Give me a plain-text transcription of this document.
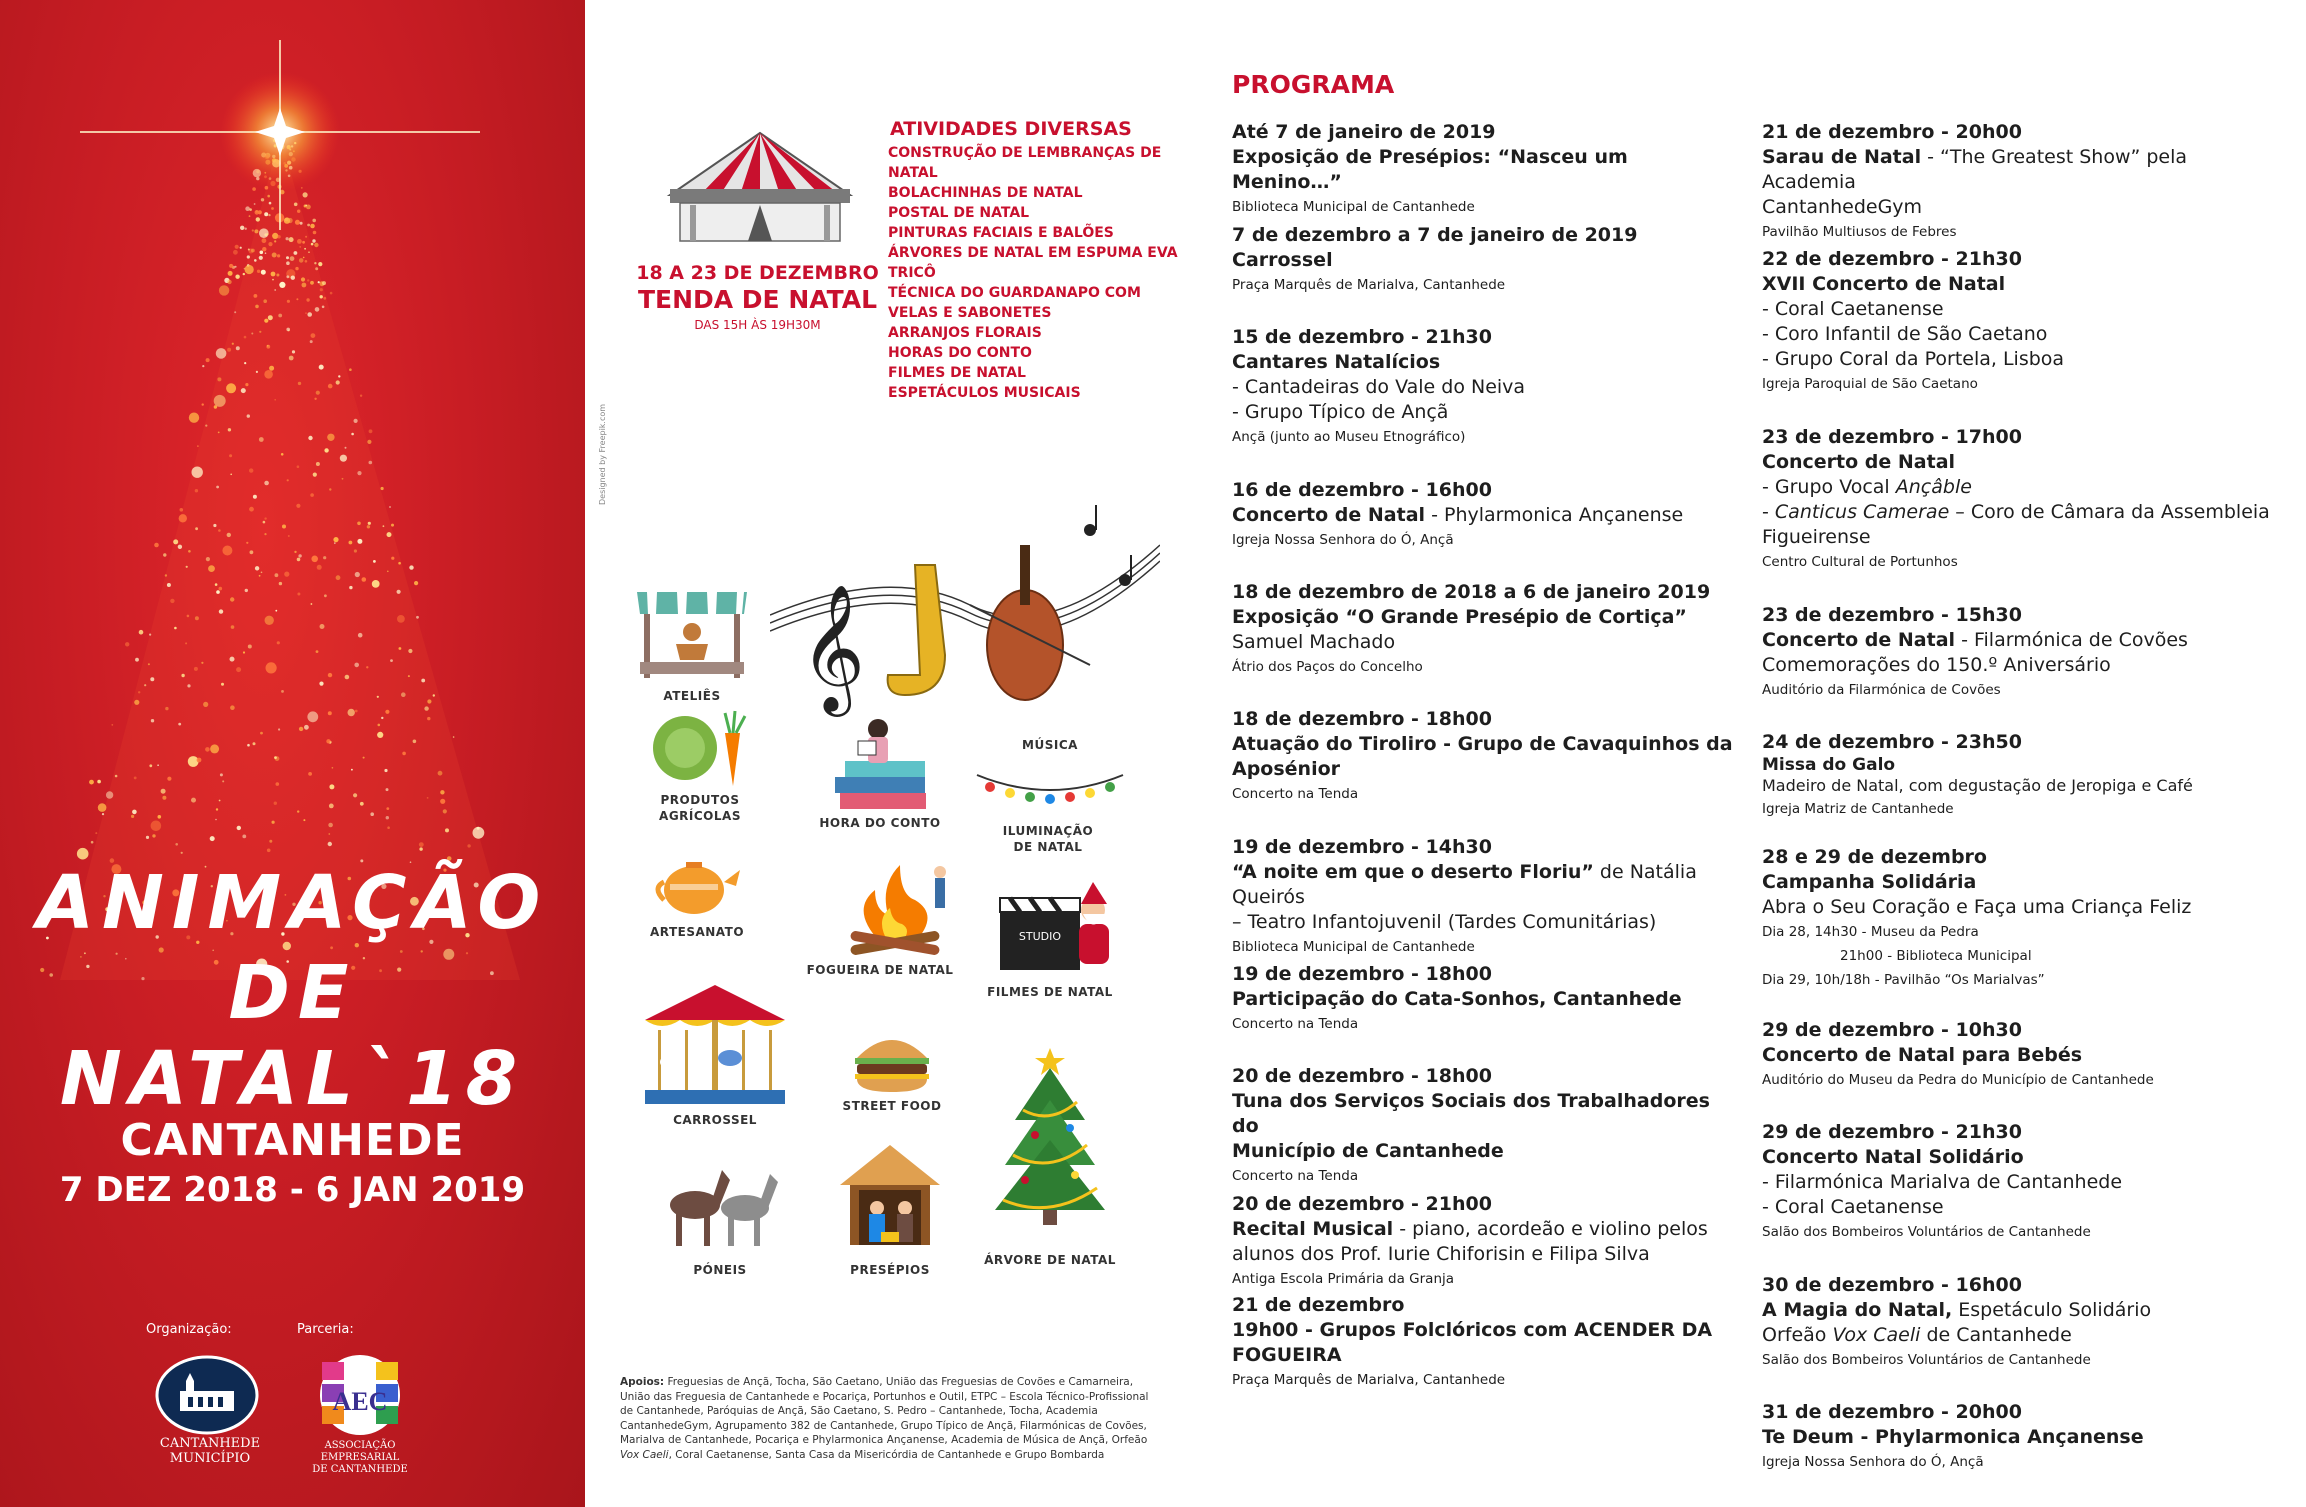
ANIMAÇÃO
DE NATAL`18
CANTANHEDE
7 DEZ 2018 - 6 JAN 2019
Organização:	Parceria:
CANTANHEDE
MUNICÍPIO
AEC
ASSOCIAÇÃO EMPRESARIAL
DE CANTANHEDE
18 A 23 DE DEZEMBRO
TENDA DE NATAL
DAS 15H ÀS 19H30M
ATIVIDADES DIVERSAS
CONSTRUÇÃO DE LEMBRANÇAS DE
NATAL
BOLACHINHAS DE NATAL
POSTAL DE NATAL
PINTURAS FACIAIS E BALÕES
ÁRVORES DE NATAL EM ESPUMA EVA
TRICÔ
TÉCNICA DO GUARDANAPO COM
VELAS E SABONETES
ARRANJOS FLORAIS
HORAS DO CONTO
FILMES DE NATAL
ESPETÁCULOS MUSICAIS
Designed by Freepik.com
ATELIÊS 𝄞
MÚSICA
PRODUTOS
AGRÍCOLAS	HORA DO CONTO
ILUMINAÇÃO
DE NATAL
ARTESANATO
FOGUEIRA DE NATAL
STUDIO
FILMES DE NATAL
CARROSSEL
STREET FOOD
ÁRVORE DE NATAL
PÓNEIS	PRESÉPIOS

Apoios: Freguesias de Ançã, Tocha, São Caetano, União das Freguesias de Covões e Camarneira, União das Freguesia de Cantanhede e Pocariça, Portunhos e Outil, ETPC – Escola Técnico-Profissional de Cantanhede, Paróquias de Ançã, São Caetano, S. Pedro – Cantanhede, Tocha, Academia CantanhedeGym, Agrupamento 382 de Cantanhede, Grupo Típico de Ançã, Filarmónicas de Covões, Marialva de Cantanhede, Pocariça e Phylarmonica Ançanense, Academia de Música de Ançã, Orfeão Vox Caeli, Coral Caetanense, Santa Casa da Misericórdia de Cantanhede e Grupo Bombarda

PROGRAMA
Até 7 de janeiro de 2019
Exposição de Presépios: “Nasceu um Menino…”
Biblioteca Municipal de Cantanhede
7 de dezembro a 7 de janeiro de 2019
Carrossel
Praça Marquês de Marialva, Cantanhede
15 de dezembro - 21h30
Cantares Natalícios
- Cantadeiras do Vale do Neiva
- Grupo Típico de Ançã
Ançã (junto ao Museu Etnográfico)
16 de dezembro - 16h00
Concerto de Natal - Phylarmonica Ançanense
Igreja Nossa Senhora do Ó, Ançã
18 de dezembro de 2018 a 6 de janeiro 2019
Exposição “O Grande Presépio de Cortiça”
Samuel Machado
Átrio dos Paços do Concelho
18 de dezembro - 18h00
Atuação do Tiroliro - Grupo de Cavaquinhos da
Aposénior
Concerto na Tenda
19 de dezembro - 14h30
“A noite em que o deserto Floriu” de Natália Queirós
– Teatro Infantojuvenil (Tardes Comunitárias)
Biblioteca Municipal de Cantanhede
19 de dezembro - 18h00
Participação do Cata-Sonhos, Cantanhede
Concerto na Tenda
20 de dezembro - 18h00
Tuna dos Serviços Sociais dos Trabalhadores do
Município de Cantanhede
Concerto na Tenda
20 de dezembro - 21h00
Recital Musical - piano, acordeão e violino pelos
alunos dos Prof. Iurie Chiforisin e Filipa Silva
Antiga Escola Primária da Granja
21 de dezembro
19h00 - Grupos Folclóricos com ACENDER DA
FOGUEIRA
Praça Marquês de Marialva, Cantanhede
21 de dezembro - 20h00
Sarau de Natal - “The Greatest Show” pela Academia
CantanhedeGym
Pavilhão Multiusos de Febres
22 de dezembro - 21h30
XVII Concerto de Natal
- Coral Caetanense
- Coro Infantil de São Caetano
- Grupo Coral da Portela, Lisboa
Igreja Paroquial de São Caetano
23 de dezembro - 17h00
Concerto de Natal
- Grupo Vocal Ançâble
- Canticus Camerae – Coro de Câmara da Assembleia
Figueirense
Centro Cultural de Portunhos
23 de dezembro - 15h30
Concerto de Natal - Filarmónica de Covões
Comemorações do 150.º Aniversário
Auditório da Filarmónica de Covões
24 de dezembro - 23h50
Missa do Galo
Madeiro de Natal, com degustação de Jeropiga e Café
Igreja Matriz de Cantanhede
28 e 29 de dezembro
Campanha Solidária
Abra o Seu Coração e Faça uma Criança Feliz
Dia 28, 14h30 - Museu da Pedra
21h00 - Biblioteca Municipal
Dia 29, 10h/18h - Pavilhão “Os Marialvas”
29 de dezembro - 10h30
Concerto de Natal para Bebés
Auditório do Museu da Pedra do Município de Cantanhede
29 de dezembro - 21h30
Concerto Natal Solidário
- Filarmónica Marialva de Cantanhede
- Coral Caetanense
Salão dos Bombeiros Voluntários de Cantanhede
30 de dezembro - 16h00
A Magia do Natal, Espetáculo Solidário
Orfeão Vox Caeli de Cantanhede
Salão dos Bombeiros Voluntários de Cantanhede
31 de dezembro - 20h00
Te Deum - Phylarmonica Ançanense
Igreja Nossa Senhora do Ó, Ançã
